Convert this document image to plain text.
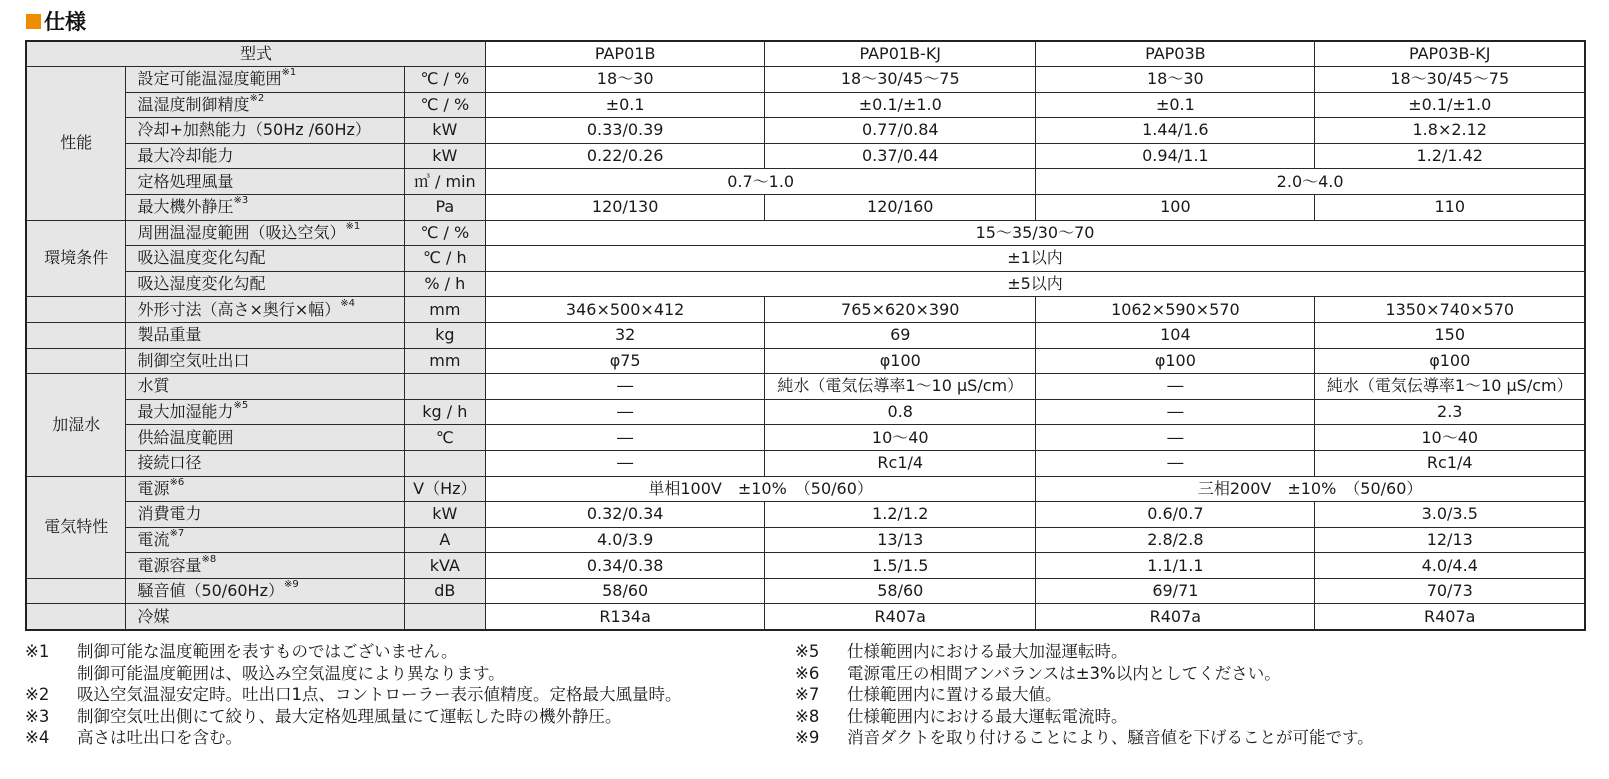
仕様
型式			PAP01B	PAP01B-KJ	PAP03B	PAP03B-KJ
性能	設定可能温湿度範囲$^{※1}$	℃ / %	18～30	18～30/45～75	18～30	18～30/45～75
	温湿度制御精度$^{※2}$	℃ / %	±0.1	±0.1/±1.0	±0.1	±0.1/±1.0
	冷却+加熱能力（50Hz /60Hz）	kW	0.33/0.39	0.77/0.84	1.44/1.6	1.8×2.12
	最大冷却能力	kW	0.22/0.26	0.37/0.44	0.94/1.1	1.2/1.42
	定格処理風量	㎥ / min	0.7～1.0		2.0～4.0	
	最大機外静圧$^{※3}$	Pa	120/130	120/160	100	110
環境条件	周囲温湿度範囲（吸込空気）$^{※1}$	℃ / %	15～35/30～70			
	吸込温度変化勾配	℃ / h	±1以内			
	吸込湿度変化勾配	% / h	±5以内			
	外形寸法（高さ×奥行×幅）$^{※4}$	mm	346×500×412	765×620×390	1062×590×570	1350×740×570
	製品重量	kg	32	69	104	150
	制御空気吐出口	mm	φ75	φ100	φ100	φ100
加湿水	水質		―	純水（電気伝導率1～10 μS/cm）	―	純水（電気伝導率1～10 μS/cm）
	最大加湿能力$^{※5}$	kg / h	―	0.8	―	2.3
	供給温度範囲	℃	―	10～40	―	10～40
	接続口径		―	Rc1/4	―	Rc1/4
電気特性	電源$^{※6}$	V（Hz）	単相100V　±10%　（50/60）		三相200V　±10%　（50/60）	
	消費電力	kW	0.32/0.34	1.2/1.2	0.6/0.7	3.0/3.5
	電流$^{※7}$	A	4.0/3.9	13/13	2.8/2.8	12/13
	電源容量$^{※8}$	kVA	0.34/0.38	1.5/1.5	1.1/1.1	4.0/4.4
	騒音値$(50/60Hz)^{※9}$	dB	58/60	58/60	69/71	70/73
	冷媒		R134a	R407a	R407a	R407a
※1	制御可能な温度範囲を表すものではございません。
制御可能温度範囲は、吸込み空気温度により異なります。
※2	吸込空気温湿安定時。吐出口1点、コントローラー表示値精度。定格最大風量時。
※3	制御空気吐出側にて絞り、最大定格処理風量にて運転した時の機外静圧。
※4	高さは吐出口を含む。
※5	仕様範囲内における最大加湿運転時。
※6	電源電圧の相間アンバランスは±3%以内としてください。
※7	仕様範囲内に置ける最大値。
※8	仕様範囲内における最大運転電流時。
※9	消音ダクトを取り付けることにより、騒音値を下げることが可能です。
